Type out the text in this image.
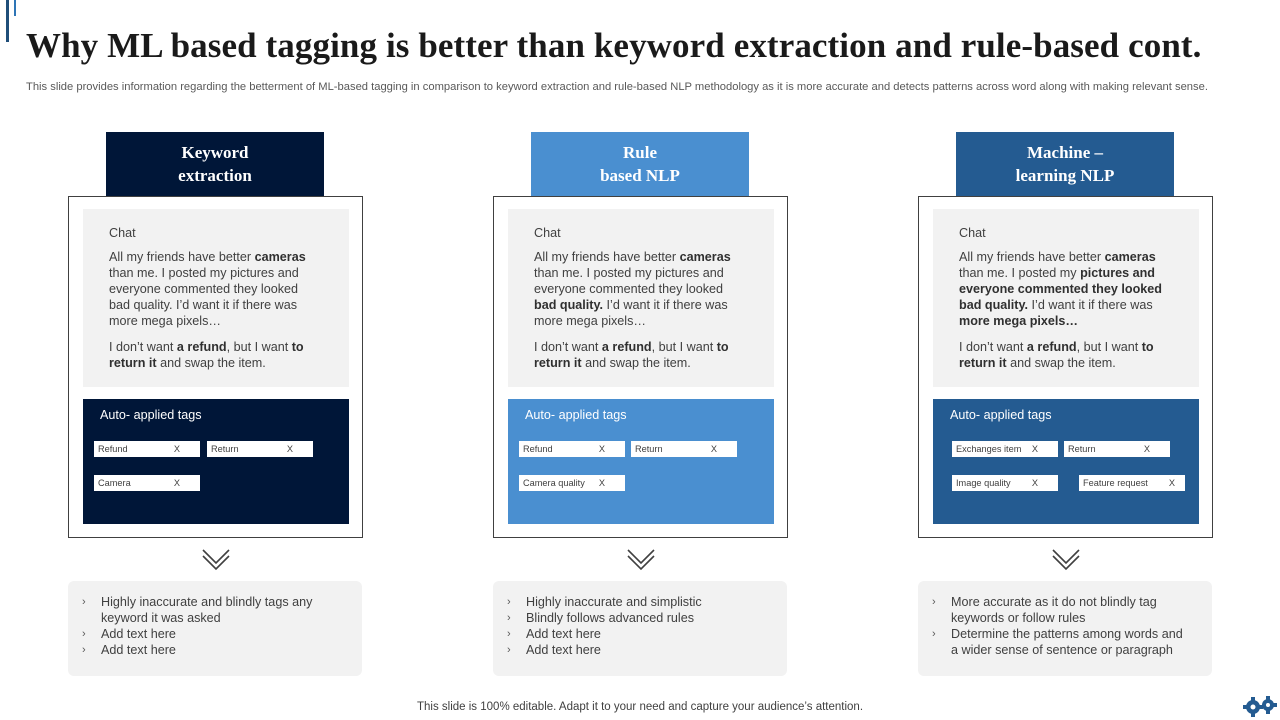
Why ML based tagging is better than keyword extraction and rule-based cont.

This slide provides information regarding the betterment of ML-based tagging in comparison to keyword extraction and rule-based NLP methodology as it is more accurate and detects patterns across word along with making relevant sense.

Keyword
extraction
Chat
All my friends have better cameras
than me. I posted my pictures and
everyone commented they looked
bad quality. I’d want it if there was
more mega pixels…
I don’t want a refund, but I want to
return it and swap the item.
Auto- applied tags
Refund	X	Return	X
Camera	X
› Highly inaccurate and blindly tags any keyword it was asked
› Add text here
› Add text here
Rule
based NLP
Chat
All my friends have better cameras
than me. I posted my pictures and
everyone commented they looked
bad quality. I’d want it if there was
more mega pixels…
I don’t want a refund, but I want to
return it and swap the item.
Auto- applied tags
Refund	X	Return	X
Camera quality X
› Highly inaccurate and simplistic
› Blindly follows advanced rules
› Add text here
› Add text here
Machine –
learning NLP
Chat
All my friends have better cameras
than me. I posted my pictures and
everyone commented they looked
bad quality. I’d want it if there was
more mega pixels…
I don’t want a refund, but I want to
return it and swap the item.
Auto- applied tags
Exchanges item X	Return	X
Image quality X	Feature request X
› More accurate as it do not blindly tag keywords or follow rules
› Determine the patterns among words and a wider sense of sentence or paragraph
This slide is 100% editable. Adapt it to your need and capture your audience’s attention.
